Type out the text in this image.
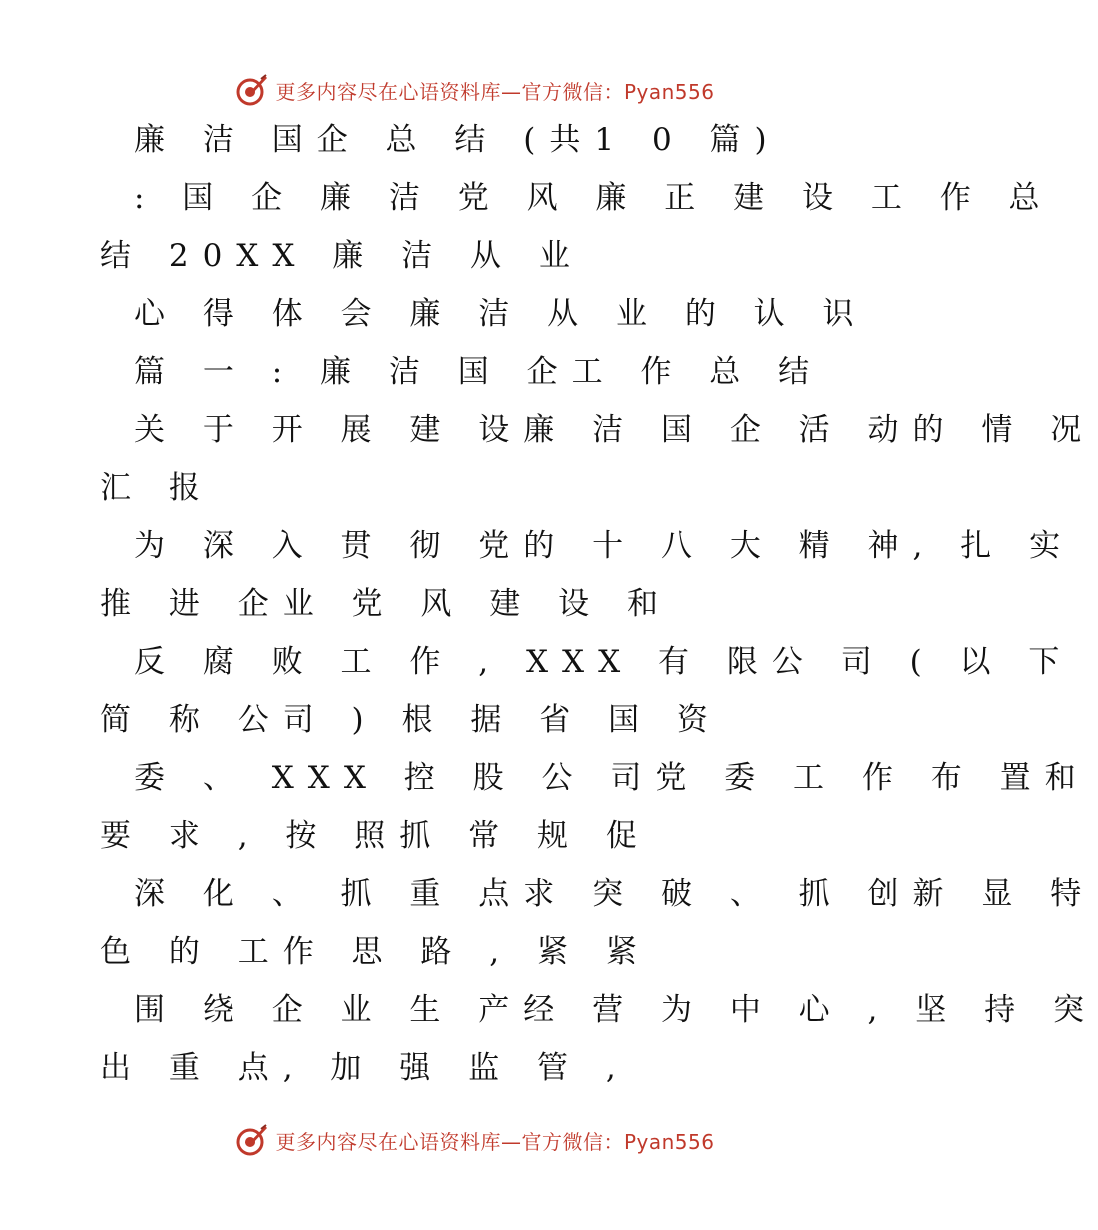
更多内容尽在心语资料库—官方微信：Pyan556
廉 洁 国企 总 结 (共1 0 篇)
: 国 企 廉 洁 党 风 廉 正 建 设 工 作 总
结 20XX 廉 洁 从 业
心 得 体 会 廉 洁 从 业 的 认 识
篇 一 : 廉 洁 国 企工 作 总 结
关 于 开 展 建 设廉 洁 国 企 活 动的 情 况
汇 报
为 深 入 贯 彻 党的 十 八 大 精 神, 扎 实
推 进 企业 党 风 建 设 和
反 腐 败 工 作 , XXX 有 限公 司 ( 以 下
简 称 公司 ) 根 据 省 国 资
委 、 XXX 控 股 公 司党 委 工 作 布 置和
要 求 , 按 照抓 常 规 促
深 化 、 抓 重 点求 突 破 、 抓 创新 显 特
色 的 工作 思 路 , 紧 紧
围 绕 企 业 生 产经 营 为 中 心 , 坚 持 突
出 重 点, 加 强 监 管 ,
更多内容尽在心语资料库—官方微信：Pyan556
